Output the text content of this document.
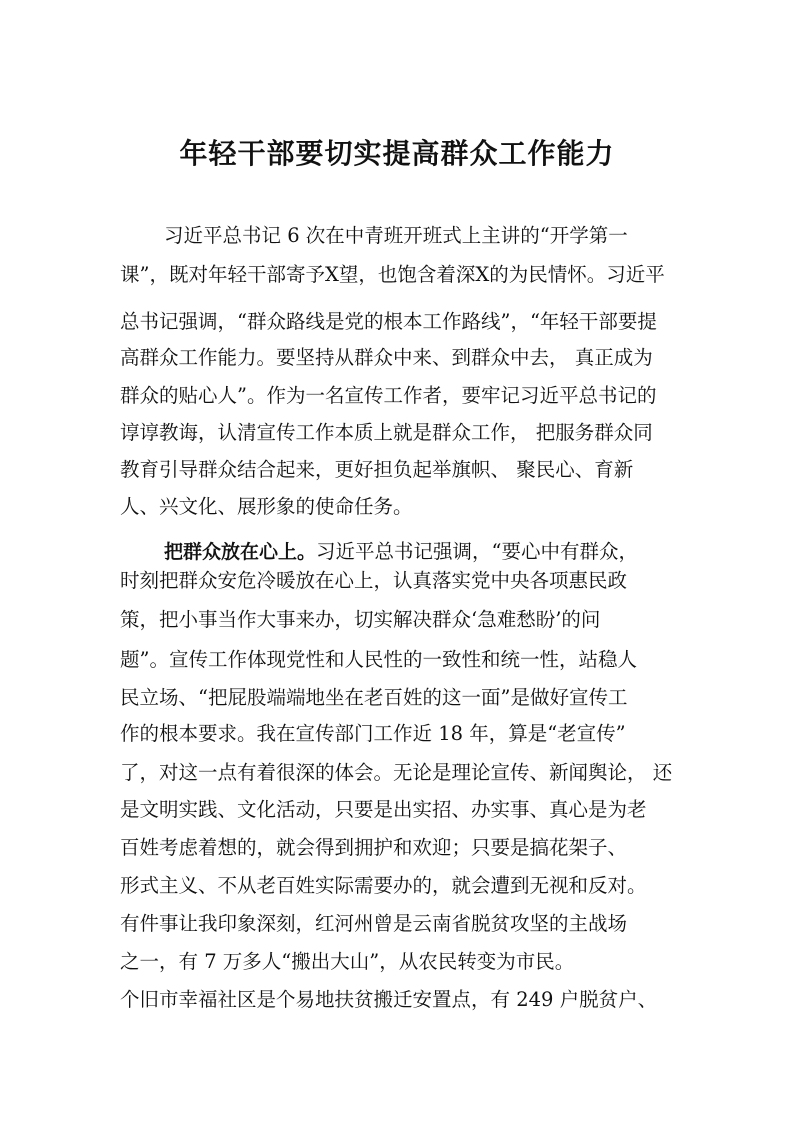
年轻干部要切实提高群众工作能力
习近平总书记 6 次在中青班开班式上主讲的“开学第一
课”，既对年轻干部寄予X望，也饱含着深X的为民情怀。习近平
总书记强调，“群众路线是党的根本工作路线”，“年轻干部要提
高群众工作能力。要坚持从群众中来、到群众中去， 真正成为
群众的贴心人”。作为一名宣传工作者，要牢记习近平总书记的
谆谆教诲，认清宣传工作本质上就是群众工作， 把服务群众同
教育引导群众结合起来，更好担负起举旗帜、 聚民心、育新
人、兴文化、展形象的使命任务。
把群众放在心上。习近平总书记强调，“要心中有群众，
时刻把群众安危冷暖放在心上，认真落实党中央各项惠民政
策，把小事当作大事来办，切实解决群众‘急难愁盼’的问
题”。宣传工作体现党性和人民性的一致性和统一性，站稳人
民立场、“把屁股端端地坐在老百姓的这一面”是做好宣传工
作的根本要求。我在宣传部门工作近 18 年，算是“老宣传”
了，对这一点有着很深的体会。无论是理论宣传、新闻舆论， 还
是文明实践、文化活动，只要是出实招、办实事、真心是为老
百姓考虑着想的，就会得到拥护和欢迎；只要是搞花架子、
形式主义、不从老百姓实际需要办的，就会遭到无视和反对。
有件事让我印象深刻，红河州曾是云南省脱贫攻坚的主战场
之一，有 7 万多人“搬出大山”，从农民转变为市民。
个旧市幸福社区是个易地扶贫搬迁安置点，有 249 户脱贫户、
